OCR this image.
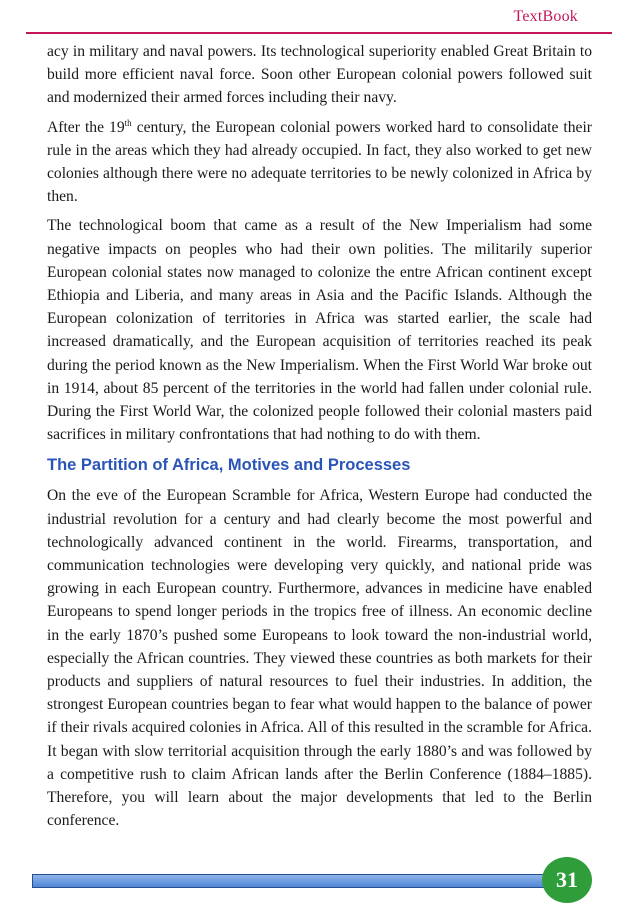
TextBook

acy in military and naval powers. Its technological superiority enabled Great Britain to build more efficient naval force. Soon other European colonial powers followed suit and modernized their armed forces including their navy.

After the 19th century, the European colonial powers worked hard to consolidate their rule in the areas which they had already occupied. In fact, they also worked to get new colonies although there were no adequate territories to be newly colonized in Africa by then.

The technological boom that came as a result of the New Imperialism had some negative impacts on peoples who had their own polities. The militarily superior European colonial states now managed to colonize the entre African continent except Ethiopia and Liberia, and many areas in Asia and the Pacific Islands. Although the European colonization of territories in Africa was started earlier, the scale had increased dramatically, and the European acquisition of territories reached its peak during the period known as the New Imperialism. When the First World War broke out in 1914, about 85 percent of the territories in the world had fallen under colonial rule. During the First World War, the colonized people followed their colonial masters paid sacrifices in military confrontations that had nothing to do with them.

The Partition of Africa, Motives and Processes

On the eve of the European Scramble for Africa, Western Europe had conducted the industrial revolution for a century and had clearly become the most powerful and technologically advanced continent in the world. Firearms, transportation, and communication technologies were developing very quickly, and national pride was growing in each European country. Furthermore, advances in medicine have enabled Europeans to spend longer periods in the tropics free of illness. An economic decline in the early 1870’s pushed some Europeans to look toward the non-industrial world, especially the African countries. They viewed these countries as both markets for their products and suppliers of natural resources to fuel their industries. In addition, the strongest European countries began to fear what would happen to the balance of power if their rivals acquired colonies in Africa. All of this resulted in the scramble for Africa. It began with slow territorial acquisition through the early 1880’s and was followed by a competitive rush to claim African lands after the Berlin Conference (1884–1885). Therefore, you will learn about the major developments that led to the Berlin conference.

31
